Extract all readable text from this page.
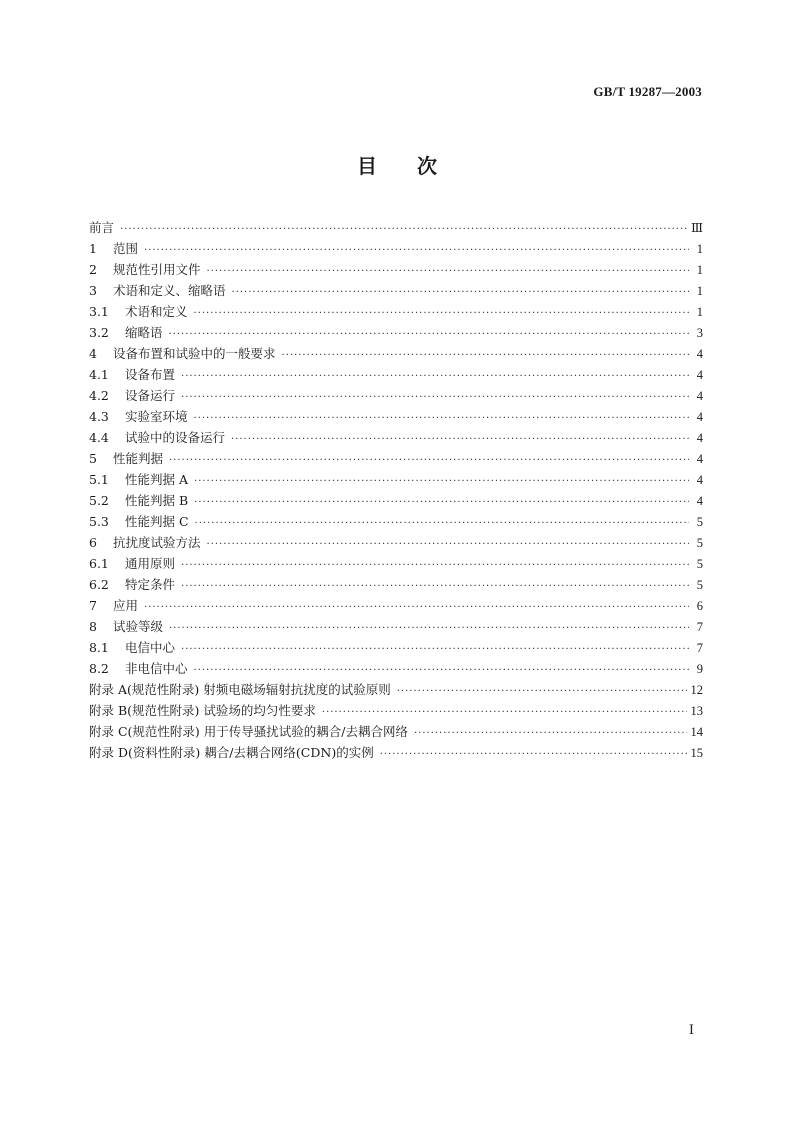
GB/T 19287—2003
目次
前言 ·····	Ⅲ
1	范围 ·····	1
2	规范性引用文件 ·····	1
3	术语和定义、缩略语 ·····	1
3.1	术语和定义 ·····	1
3.2	缩略语 ·····	3
4	设备布置和试验中的一般要求 ·····	4
4.1	设备布置 ·····	4
4.2	设备运行 ·····	4
4.3	实验室环境 ·····	4
4.4	试验中的设备运行 ·····	4
5	性能判据 ·····	4
5.1	性能判据 A ·····	4
5.2	性能判据 B ·····	4
5.3	性能判据 C ·····	5
6	抗扰度试验方法 ·····	5
6.1	通用原则 ·····	5
6.2	特定条件 ·····	5
7	应用 ·····	6
8	试验等级 ·····	7
8.1	电信中心 ·····	7
8.2	非电信中心 ·····	9
附录 A(规范性附录) 射频电磁场辐射抗扰度的试验原则 ·····	12
附录 B(规范性附录) 试验场的均匀性要求 ·····	13
附录 C(规范性附录) 用于传导骚扰试验的耦合/去耦合网络 ·····	14
附录 D(资料性附录) 耦合/去耦合网络(CDN)的实例 ·····	15
Ⅰ
